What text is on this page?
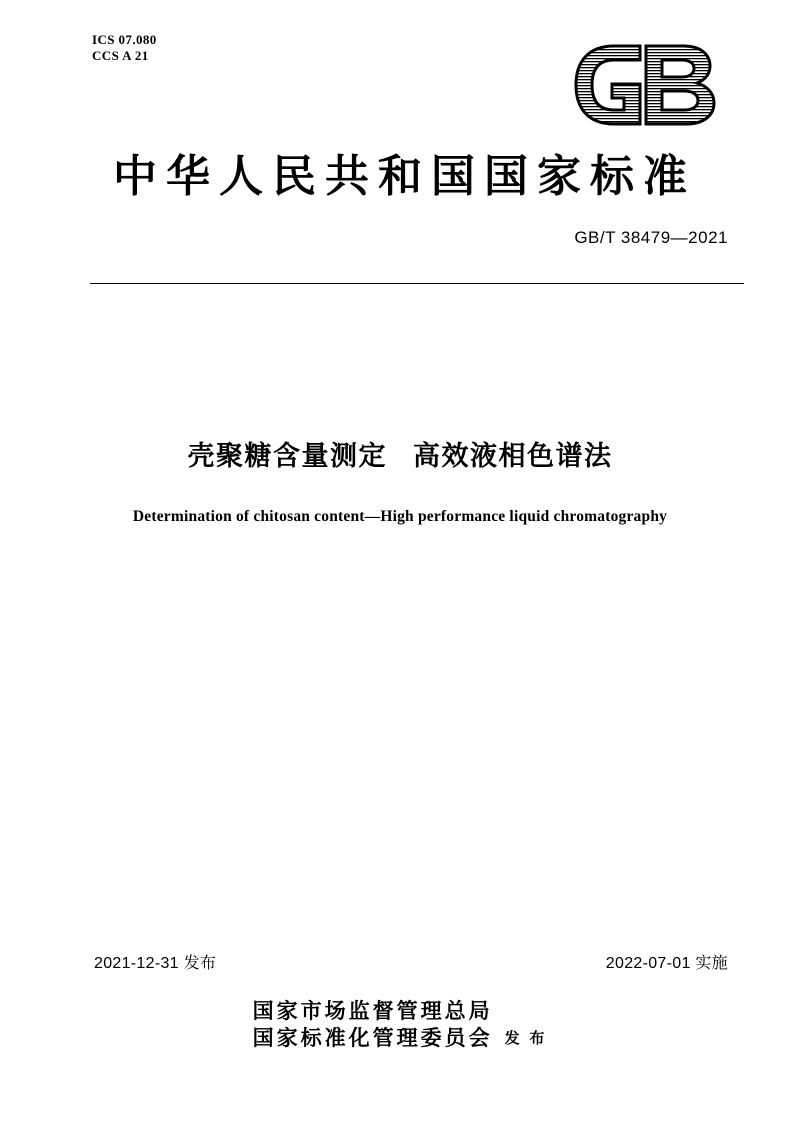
ICS 07.080
CCS A 21
中华人民共和国国家标准
GB/T 38479—2021
壳聚糖含量测定 高效液相色谱法
Determination of chitosan content—High performance liquid chromatography
2021-12-31 发布	2022-07-01 实施
国家市场监督管理总局
国家标准化管理委员会 发 布
